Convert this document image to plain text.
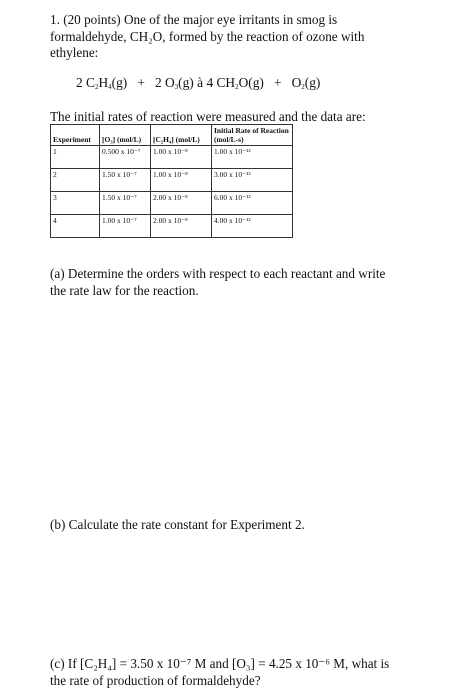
1. (20 points) One of the major eye irritants in smog is formaldehyde, CH₂O, formed by the reaction of ozone with ethylene:

2 $C_2H_4(g) + 2$ $O_3(g)$ à 4 $CH_2O(g) + O_2(g)$

The initial rates of reaction were measured and the data are:

Experiment	[O₃] (mol/L)	[C₂H₄] (mol/L)	Initial Rate of Reaction (mol/L-s)
1	0.500 x 10⁻⁷	1.00 x 10⁻⁸	1.00 x 10⁻¹²
2	1.50 x 10⁻⁷	1.00 x 10⁻⁸	3.00 x 10⁻¹²
3	1.50 x 10⁻⁷	2.00 x 10⁻⁸	6.00 x 10⁻¹²
4	1.00 x 10⁻⁷	2.00 x 10⁻⁸	4.00 x 10⁻¹²

(a) Determine the orders with respect to each reactant and write the rate law for the reaction.

(b) Calculate the rate constant for Experiment 2.

(c) If [C₂H₄] = 3.50 x 10⁻⁷ M and [O₃] = 4.25 x 10⁻⁶ M, what is the rate of production of formaldehyde?
